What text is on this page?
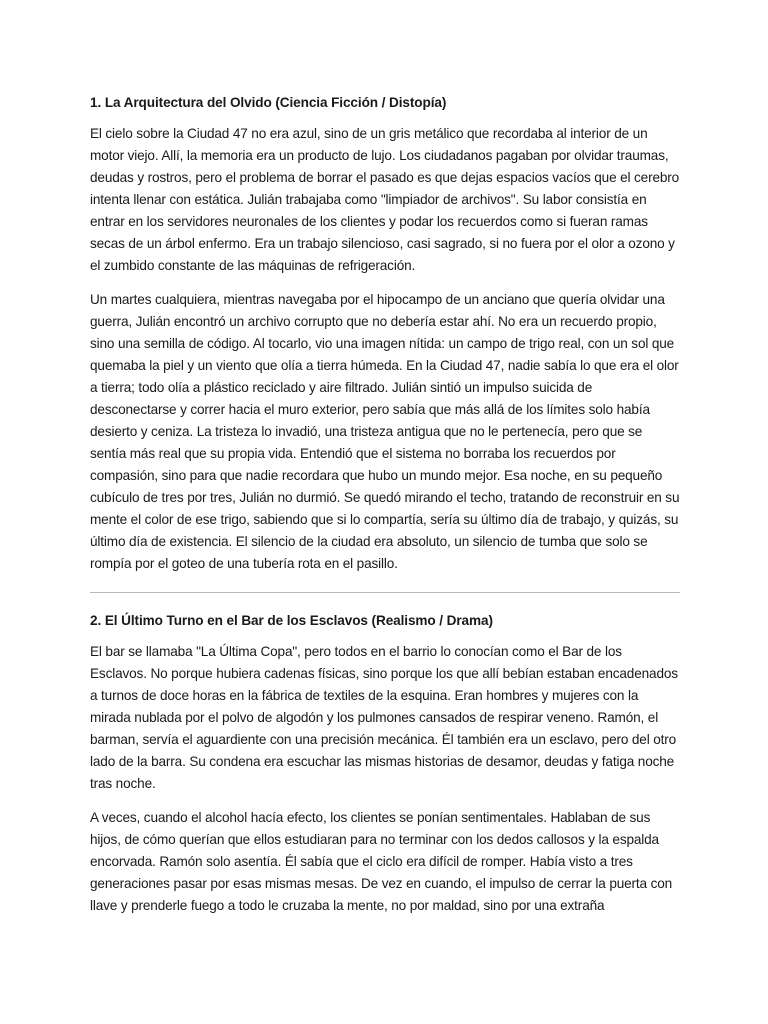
1. La Arquitectura del Olvido (Ciencia Ficción / Distopía)

El cielo sobre la Ciudad 47 no era azul, sino de un gris metálico que recordaba al interior de un motor viejo. Allí, la memoria era un producto de lujo. Los ciudadanos pagaban por olvidar traumas, deudas y rostros, pero el problema de borrar el pasado es que dejas espacios vacíos que el cerebro intenta llenar con estática. Julián trabajaba como "limpiador de archivos". Su labor consistía en entrar en los servidores neuronales de los clientes y podar los recuerdos como si fueran ramas secas de un árbol enfermo. Era un trabajo silencioso, casi sagrado, si no fuera por el olor a ozono y el zumbido constante de las máquinas de refrigeración.

Un martes cualquiera, mientras navegaba por el hipocampo de un anciano que quería olvidar una guerra, Julián encontró un archivo corrupto que no debería estar ahí. No era un recuerdo propio, sino una semilla de código. Al tocarlo, vio una imagen nítida: un campo de trigo real, con un sol que quemaba la piel y un viento que olía a tierra húmeda. En la Ciudad 47, nadie sabía lo que era el olor a tierra; todo olía a plástico reciclado y aire filtrado. Julián sintió un impulso suicida de desconectarse y correr hacia el muro exterior, pero sabía que más allá de los límites solo había desierto y ceniza. La tristeza lo invadió, una tristeza antigua que no le pertenecía, pero que se sentía más real que su propia vida. Entendió que el sistema no borraba los recuerdos por compasión, sino para que nadie recordara que hubo un mundo mejor. Esa noche, en su pequeño cubículo de tres por tres, Julián no durmió. Se quedó mirando el techo, tratando de reconstruir en su mente el color de ese trigo, sabiendo que si lo compartía, sería su último día de trabajo, y quizás, su último día de existencia. El silencio de la ciudad era absoluto, un silencio de tumba que solo se rompía por el goteo de una tubería rota en el pasillo.

2. El Último Turno en el Bar de los Esclavos (Realismo / Drama)

El bar se llamaba "La Última Copa", pero todos en el barrio lo conocían como el Bar de los Esclavos. No porque hubiera cadenas físicas, sino porque los que allí bebían estaban encadenados a turnos de doce horas en la fábrica de textiles de la esquina. Eran hombres y mujeres con la mirada nublada por el polvo de algodón y los pulmones cansados de respirar veneno. Ramón, el barman, servía el aguardiente con una precisión mecánica. Él también era un esclavo, pero del otro lado de la barra. Su condena era escuchar las mismas historias de desamor, deudas y fatiga noche tras noche.

A veces, cuando el alcohol hacía efecto, los clientes se ponían sentimentales. Hablaban de sus hijos, de cómo querían que ellos estudiaran para no terminar con los dedos callosos y la espalda encorvada. Ramón solo asentía. Él sabía que el ciclo era difícil de romper. Había visto a tres generaciones pasar por esas mismas mesas. De vez en cuando, el impulso de cerrar la puerta con llave y prenderle fuego a todo le cruzaba la mente, no por maldad, sino por una extraña
